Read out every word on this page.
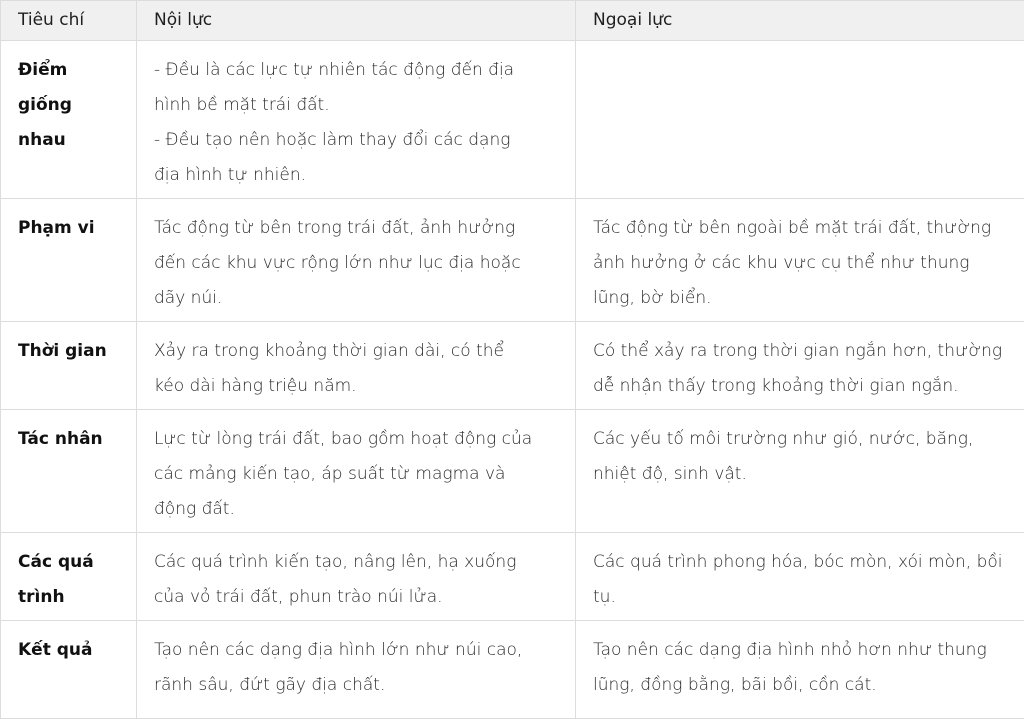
Tiêu chí	Nội lực	Ngoại lực

Điểm
giống
nhau	- Đều là các lực tự nhiên tác động đến địa
hình bề mặt trái đất.
- Đều tạo nên hoặc làm thay đổi các dạng
địa hình tự nhiên.	

Phạm vi	Tác động từ bên trong trái đất, ảnh hưởng
đến các khu vực rộng lớn như lục địa hoặc
dãy núi.	Tác động từ bên ngoài bề mặt trái đất, thường
ảnh hưởng ở các khu vực cụ thể như thung
lũng, bờ biển.

Thời gian	Xảy ra trong khoảng thời gian dài, có thể
kéo dài hàng triệu năm.	Có thể xảy ra trong thời gian ngắn hơn, thường
dễ nhận thấy trong khoảng thời gian ngắn.

Tác nhân	Lực từ lòng trái đất, bao gồm hoạt động của
các mảng kiến tạo, áp suất từ magma và
động đất.	Các yếu tố môi trường như gió, nước, băng,
nhiệt độ, sinh vật.

Các quá
trình	Các quá trình kiến tạo, nâng lên, hạ xuống
của vỏ trái đất, phun trào núi lửa.	Các quá trình phong hóa, bóc mòn, xói mòn, bồi
tụ.

Kết quả	Tạo nên các dạng địa hình lớn như núi cao,
rãnh sâu, đứt gãy địa chất.	Tạo nên các dạng địa hình nhỏ hơn như thung
lũng, đồng bằng, bãi bồi, cồn cát.
